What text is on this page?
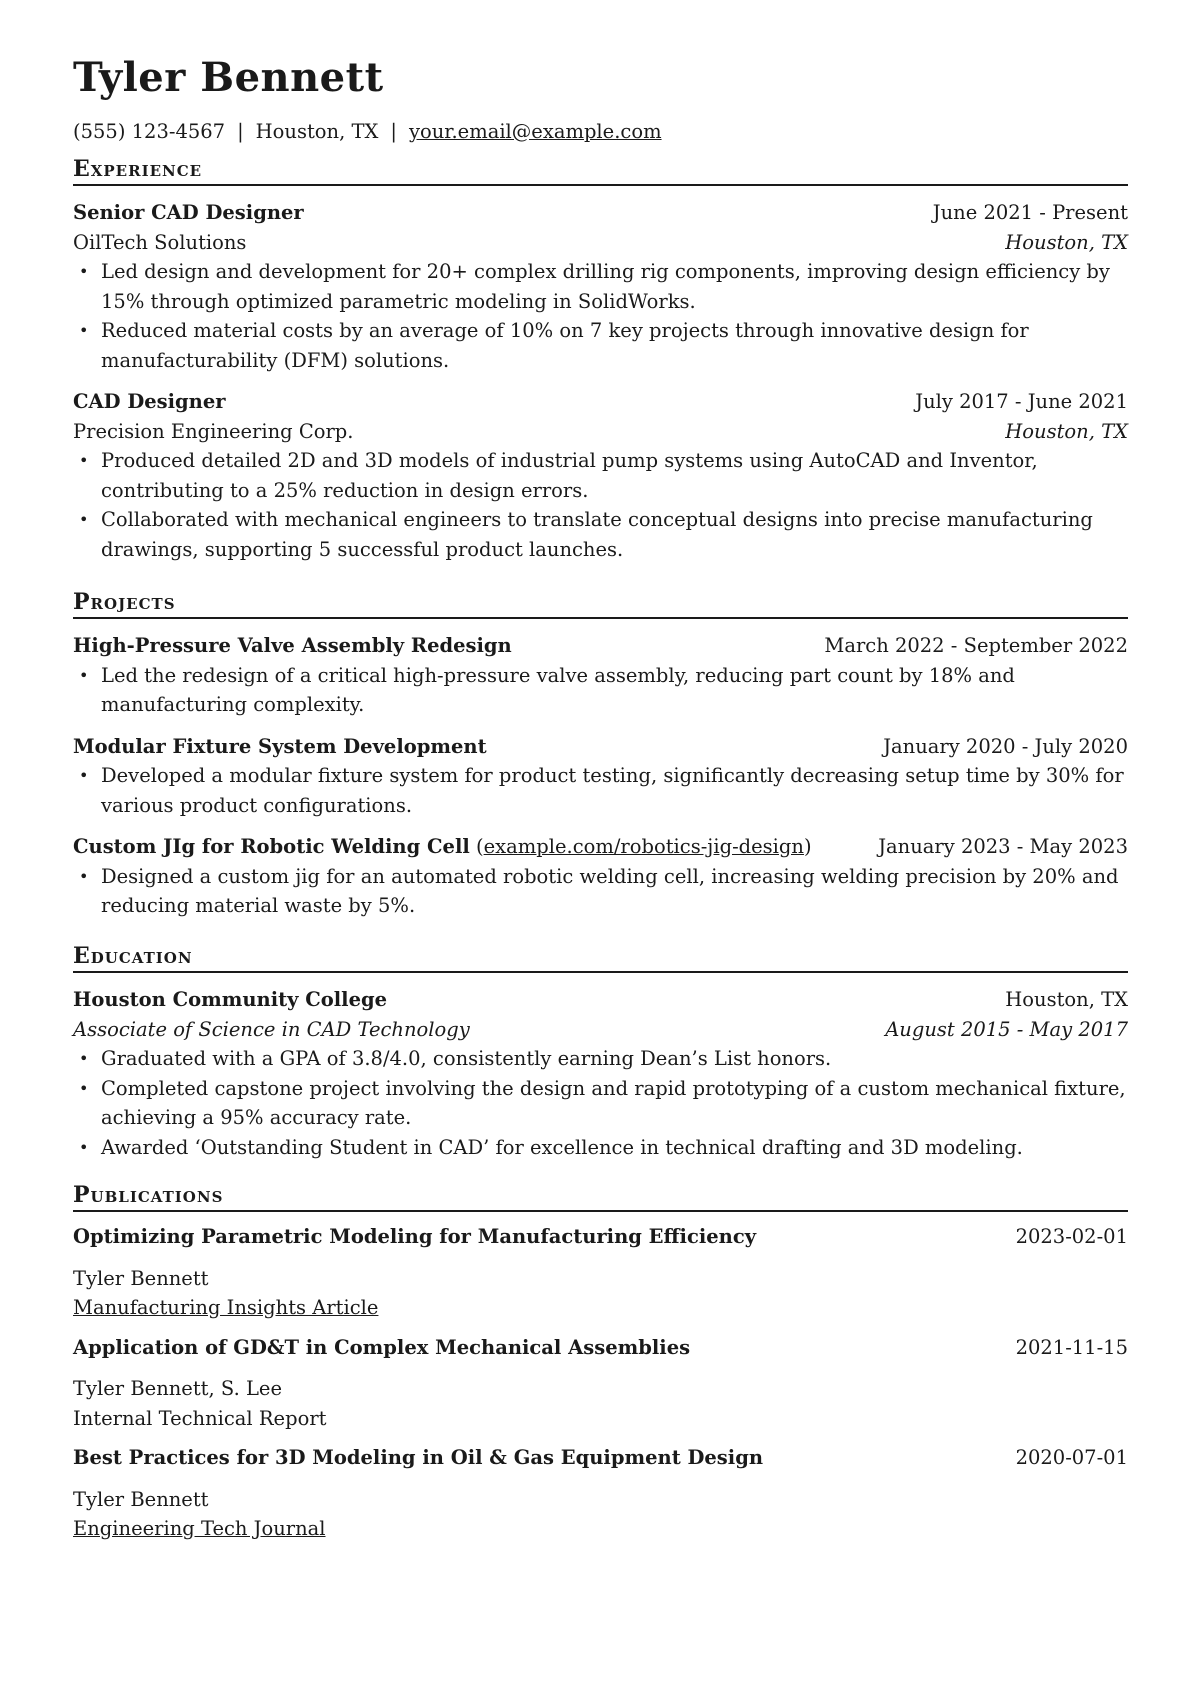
Tyler Bennett
(555) 123-4567 | Houston, TX | your.email@example.com
Experience
Senior CAD Designer	June 2021 - Present
OilTech Solutions	Houston, TX
• Led design and development for 20+ complex drilling rig components, improving design efficiency by 15% through optimized parametric modeling in SolidWorks.
• Reduced material costs by an average of 10% on 7 key projects through innovative design for manufacturability (DFM) solutions.
CAD Designer	July 2017 - June 2021
Precision Engineering Corp.	Houston, TX
• Produced detailed 2D and 3D models of industrial pump systems using AutoCAD and Inventor, contributing to a 25% reduction in design errors.
• Collaborated with mechanical engineers to translate conceptual designs into precise manufacturing drawings, supporting 5 successful product launches.
Projects
High-Pressure Valve Assembly Redesign	March 2022 - September 2022
• Led the redesign of a critical high-pressure valve assembly, reducing part count by 18% and manufacturing complexity.
Modular Fixture System Development	January 2020 - July 2020
• Developed a modular fixture system for product testing, significantly decreasing setup time by 30% for various product configurations.
Custom JIg for Robotic Welding Cell (example.com/robotics-jig-design)	January 2023 - May 2023
• Designed a custom jig for an automated robotic welding cell, increasing welding precision by 20% and reducing material waste by 5%.
Education
Houston Community College	Houston, TX
Associate of Science in CAD Technology	August 2015 - May 2017
• Graduated with a GPA of 3.8/4.0, consistently earning Dean’s List honors.
• Completed capstone project involving the design and rapid prototyping of a custom mechanical fixture, achieving a 95% accuracy rate.
• Awarded ‘Outstanding Student in CAD’ for excellence in technical drafting and 3D modeling.
Publications
Optimizing Parametric Modeling for Manufacturing Efficiency	2023-02-01
Tyler Bennett
Manufacturing Insights Article
Application of GD&T in Complex Mechanical Assemblies	2021-11-15
Tyler Bennett, S. Lee
Internal Technical Report
Best Practices for 3D Modeling in Oil & Gas Equipment Design	2020-07-01
Tyler Bennett
Engineering Tech Journal
